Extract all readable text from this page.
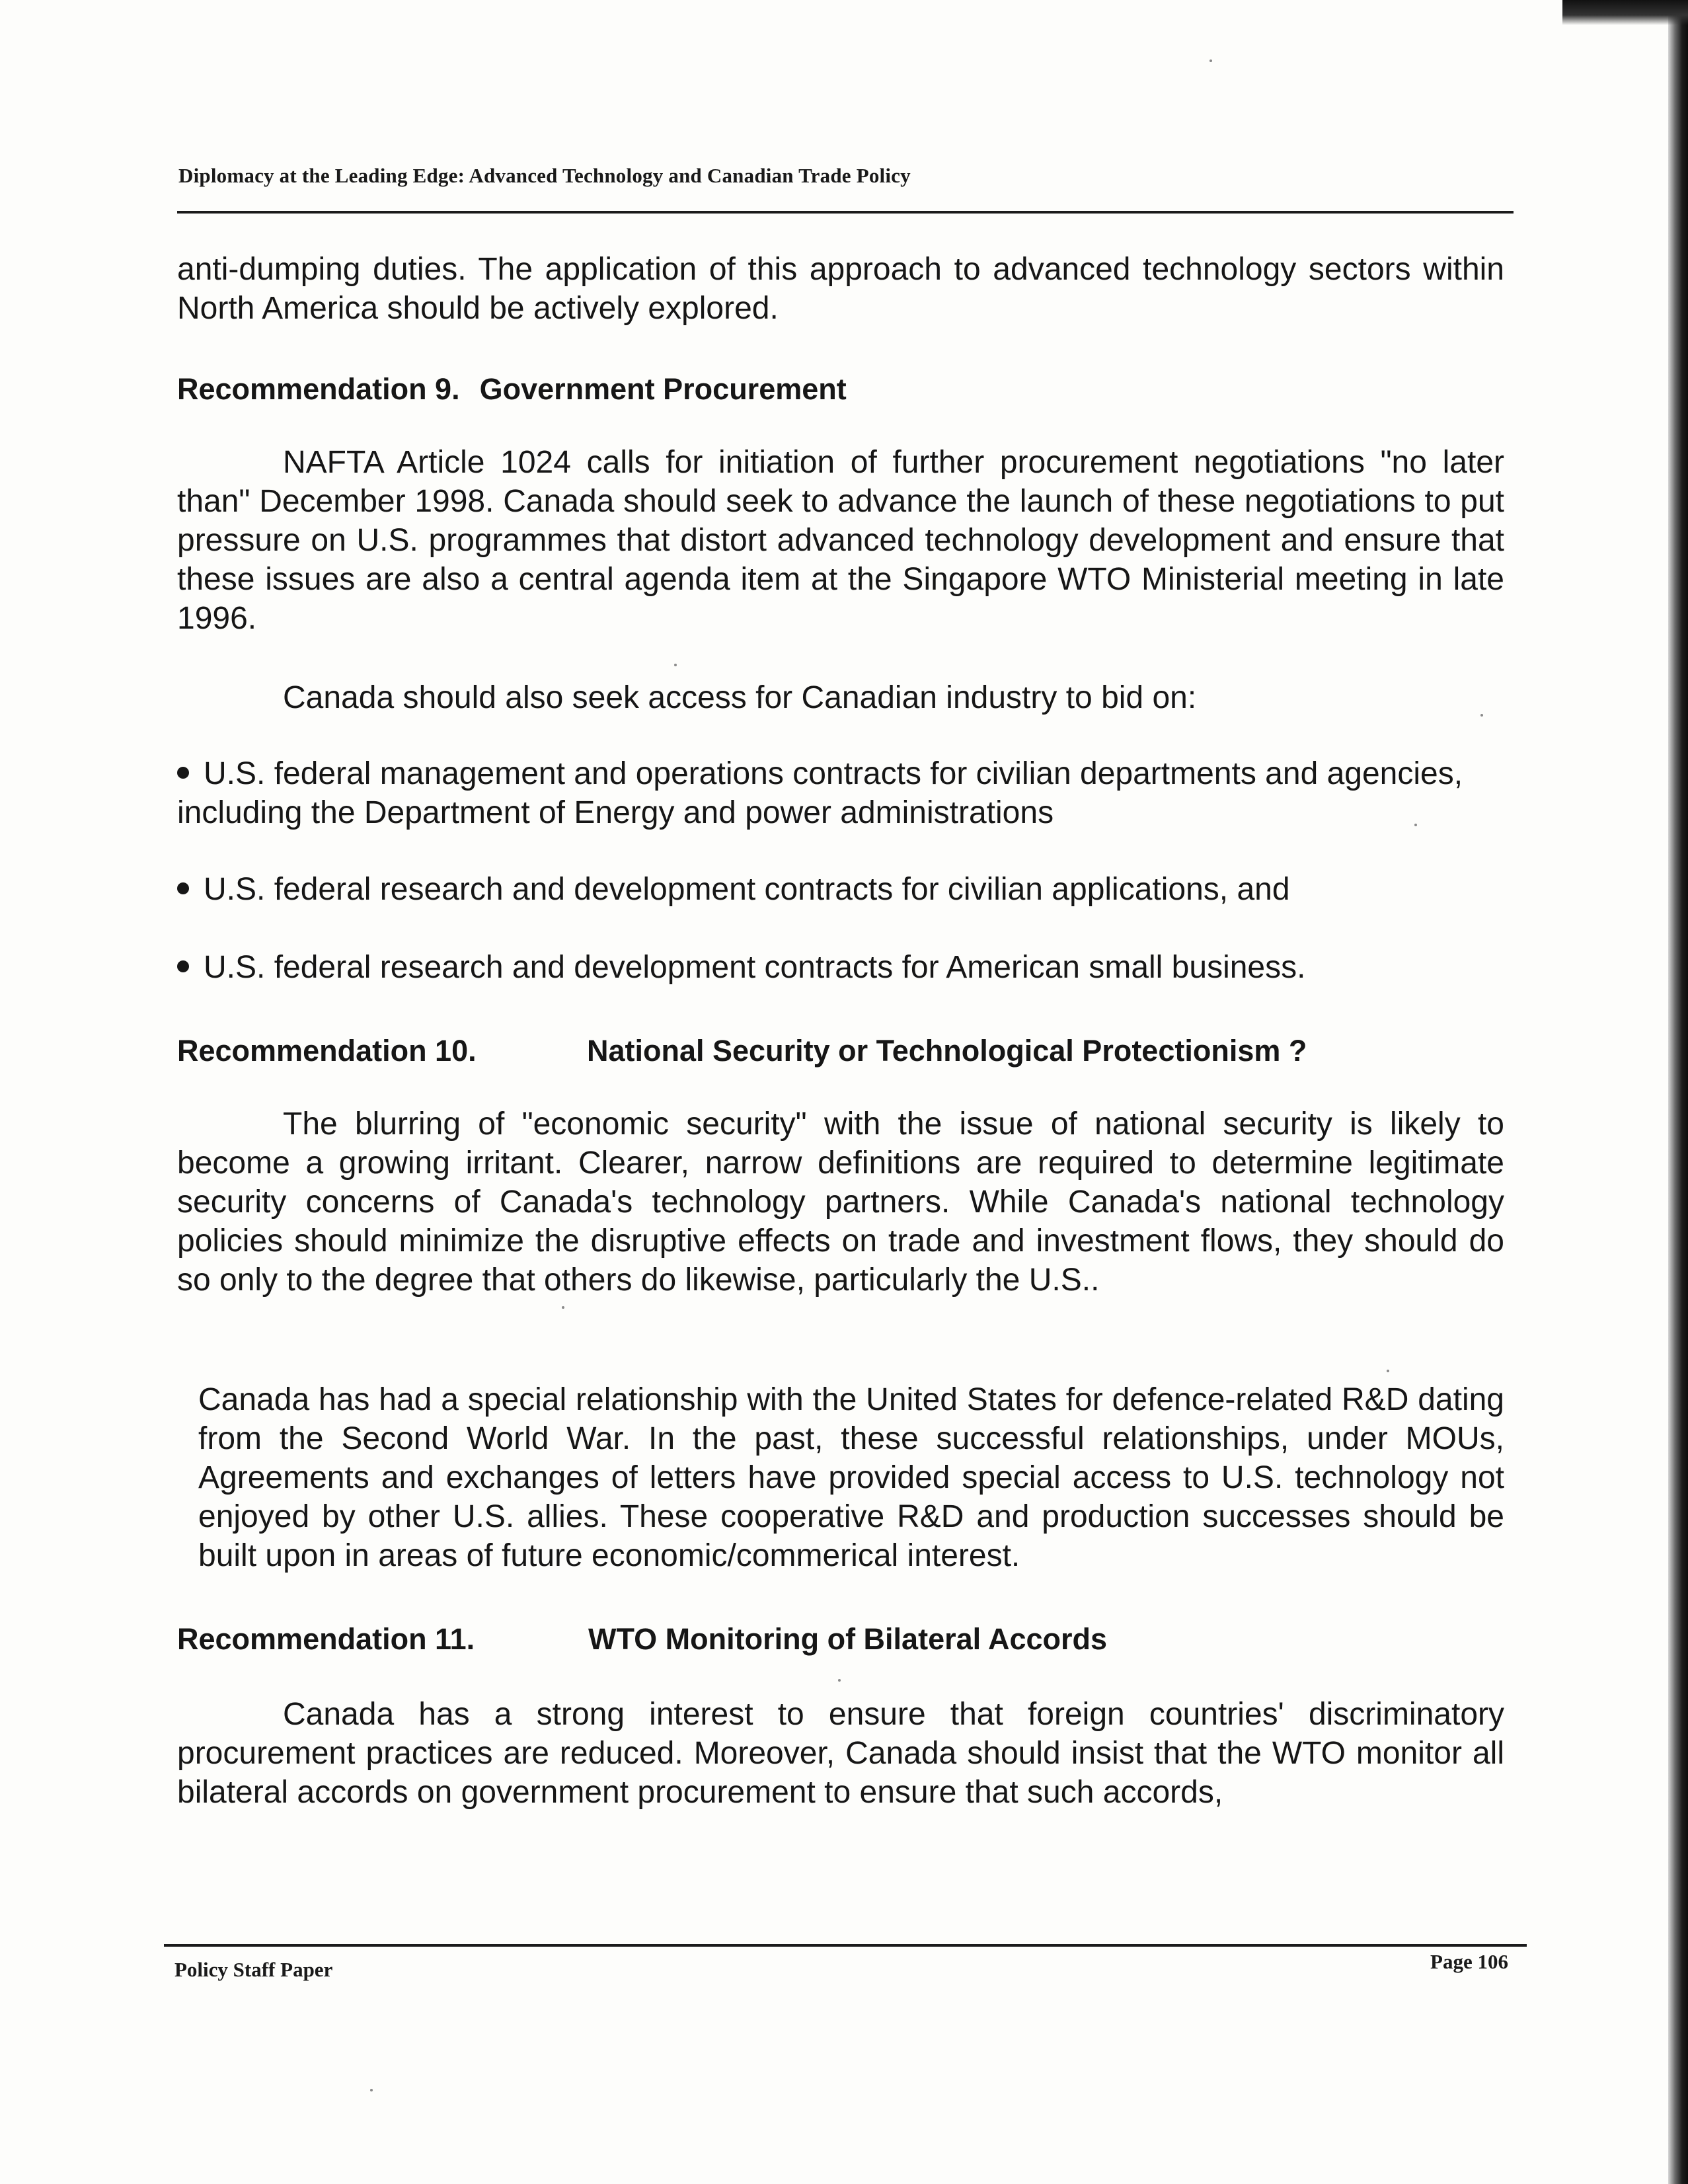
Diplomacy at the Leading Edge: Advanced Technology and Canadian Trade Policy

anti-dumping duties. The application of this approach to advanced technology sectors within North America should be actively explored.

Recommendation 9. Government Procurement

NAFTA Article 1024 calls for initiation of further procurement negotiations "no later than" December 1998. Canada should seek to advance the launch of these negotiations to put pressure on U.S. programmes that distort advanced technology development and ensure that these issues are also a central agenda item at the Singapore WTO Ministerial meeting in late 1996.

Canada should also seek access for Canadian industry to bid on:

U.S. federal management and operations contracts for civilian departments and agencies, including the Department of Energy and power administrations
U.S. federal research and development contracts for civilian applications, and
U.S. federal research and development contracts for American small business.
Recommendation 10.	National Security or Technological Protectionism ?

The blurring of "economic security" with the issue of national security is likely to become a growing irritant. Clearer, narrow definitions are required to determine legitimate security concerns of Canada's technology partners. While Canada's national technology policies should minimize the disruptive effects on trade and investment flows, they should do so only to the degree that others do likewise, particularly the U.S..

Canada has had a special relationship with the United States for defence-related R&D dating from the Second World War. In the past, these successful relationships, under MOUs, Agreements and exchanges of letters have provided special access to U.S. technology not enjoyed by other U.S. allies. These cooperative R&D and production successes should be built upon in areas of future economic/commerical interest.

Recommendation 11.	WTO Monitoring of Bilateral Accords

Canada has a strong interest to ensure that foreign countries' discriminatory procurement practices are reduced. Moreover, Canada should insist that the WTO monitor all bilateral accords on government procurement to ensure that such accords,

Policy Staff Paper	Page 106
